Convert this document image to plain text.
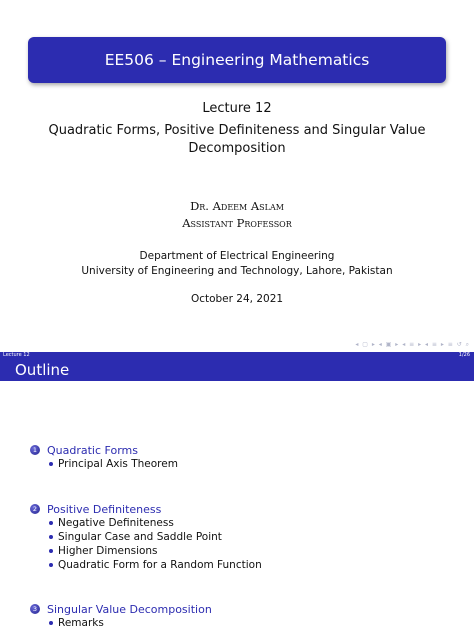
EE506 – Engineering Mathematics
Lecture 12
Quadratic Forms, Positive Definiteness and Singular Value
Decomposition
Dr. Adeem Aslam
Assistant Professor
Department of Electrical Engineering
University of Engineering and Technology, Lahore, Pakistan
October 24, 2021
◂ ▢ ▸ ◂ ▣ ▸ ◂ ≡ ▸ ◂ ≡ ▸ ≡ ↺ ⌕
Lecture 12	1/26
Outline
1 Quadratic Forms
Principal Axis Theorem
2 Positive Definiteness
Negative Definiteness
Singular Case and Saddle Point
Higher Dimensions
Quadratic Form for a Random Function
3 Singular Value Decomposition
Remarks
